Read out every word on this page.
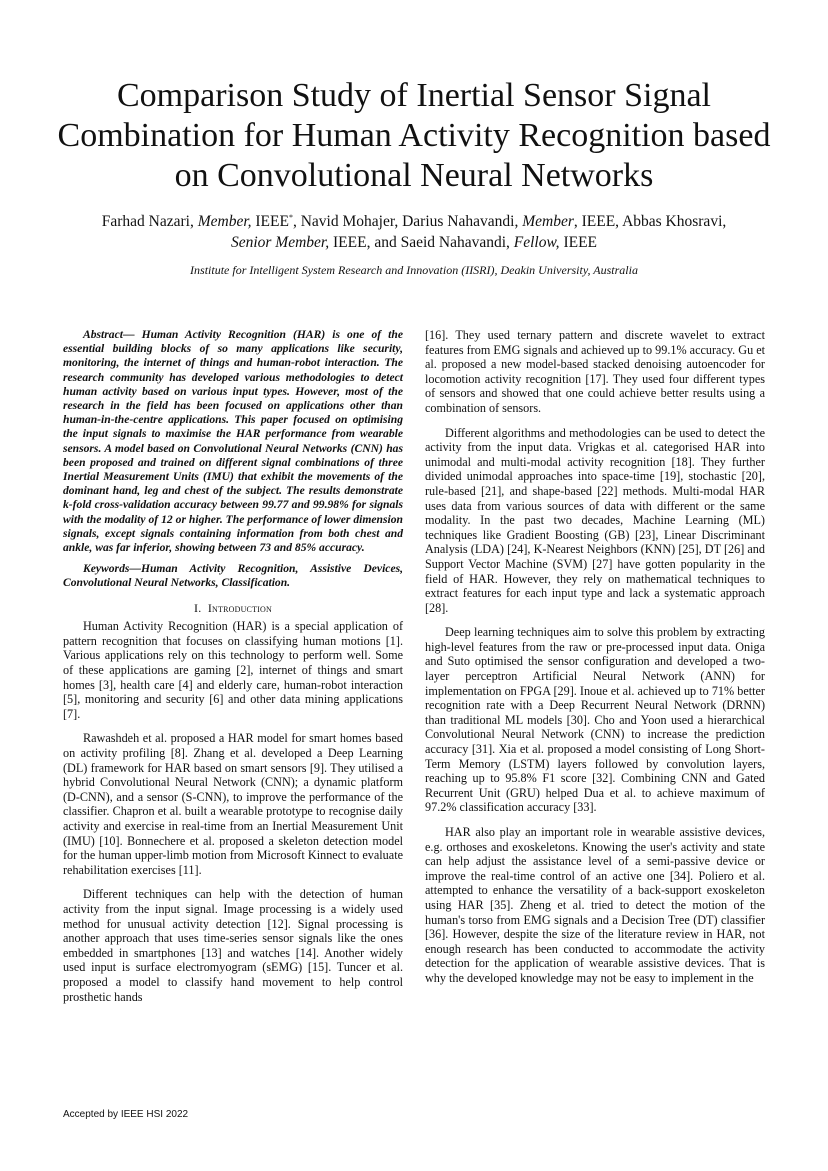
Comparison Study of Inertial Sensor Signal Combination for Human Activity Recognition based on Convolutional Neural Networks
Farhad Nazari, Member, IEEE*, Navid Mohajer, Darius Nahavandi, Member, IEEE, Abbas Khosravi,
Senior Member, IEEE, and Saeid Nahavandi, Fellow, IEEE
Institute for Intelligent System Research and Innovation (IISRI), Deakin University, Australia

Abstract— Human Activity Recognition (HAR) is one of the essential building blocks of so many applications like security, monitoring, the internet of things and human-robot interaction. The research community has developed various methodologies to detect human activity based on various input types. However, most of the research in the field has been focused on applications other than human-in-the-centre applications. This paper focused on optimising the input signals to maximise the HAR performance from wearable sensors. A model based on Convolutional Neural Networks (CNN) has been proposed and trained on different signal combinations of three Inertial Measurement Units (IMU) that exhibit the movements of the dominant hand, leg and chest of the subject. The results demonstrate k-fold cross-validation accuracy between 99.77 and 99.98% for signals with the modality of 12 or higher. The performance of lower dimension signals, except signals containing information from both chest and ankle, was far inferior, showing between 73 and 85% accuracy.

Keywords—Human Activity Recognition, Assistive Devices, Convolutional Neural Networks, Classification.

I. Introduction

Human Activity Recognition (HAR) is a special application of pattern recognition that focuses on classifying human motions [1]. Various applications rely on this technology to perform well. Some of these applications are gaming [2], internet of things and smart homes [3], health care [4] and elderly care, human-robot interaction [5], monitoring and security [6] and other data mining applications [7].

Rawashdeh et al. proposed a HAR model for smart homes based on activity profiling [8]. Zhang et al. developed a Deep Learning (DL) framework for HAR based on smart sensors [9]. They utilised a hybrid Convolutional Neural Network (CNN); a dynamic platform (D-CNN), and a sensor (S-CNN), to improve the performance of the classifier. Chapron et al. built a wearable prototype to recognise daily activity and exercise in real-time from an Inertial Measurement Unit (IMU) [10]. Bonnechere et al. proposed a skeleton detection model for the human upper-limb motion from Microsoft Kinnect to evaluate rehabilitation exercises [11].

Different techniques can help with the detection of human activity from the input signal. Image processing is a widely used method for unusual activity detection [12]. Signal processing is another approach that uses time-series sensor signals like the ones embedded in smartphones [13] and watches [14]. Another widely used input is surface electromyogram (sEMG) [15]. Tuncer et al. proposed a model to classify hand movement to help control prosthetic hands

[16]. They used ternary pattern and discrete wavelet to extract features from EMG signals and achieved up to 99.1% accuracy. Gu et al. proposed a new model-based stacked denoising autoencoder for locomotion activity recognition [17]. They used four different types of sensors and showed that one could achieve better results using a combination of sensors.

Different algorithms and methodologies can be used to detect the activity from the input data. Vrigkas et al. categorised HAR into unimodal and multi-modal activity recognition [18]. They further divided unimodal approaches into space-time [19], stochastic [20], rule-based [21], and shape-based [22] methods. Multi-modal HAR uses data from various sources of data with different or the same modality. In the past two decades, Machine Learning (ML) techniques like Gradient Boosting (GB) [23], Linear Discriminant Analysis (LDA) [24], K-Nearest Neighbors (KNN) [25], DT [26] and Support Vector Machine (SVM) [27] have gotten popularity in the field of HAR. However, they rely on mathematical techniques to extract features for each input type and lack a systematic approach [28].

Deep learning techniques aim to solve this problem by extracting high-level features from the raw or pre-processed input data. Oniga and Suto optimised the sensor configuration and developed a two-layer perceptron Artificial Neural Network (ANN) for implementation on FPGA [29]. Inoue et al. achieved up to 71% better recognition rate with a Deep Recurrent Neural Network (DRNN) than traditional ML models [30]. Cho and Yoon used a hierarchical Convolutional Neural Network (CNN) to increase the prediction accuracy [31]. Xia et al. proposed a model consisting of Long Short-Term Memory (LSTM) layers followed by convolution layers, reaching up to 95.8% F1 score [32]. Combining CNN and Gated Recurrent Unit (GRU) helped Dua et al. to achieve maximum of 97.2% classification accuracy [33].

HAR also play an important role in wearable assistive devices, e.g. orthoses and exoskeletons. Knowing the user's activity and state can help adjust the assistance level of a semi-passive device or improve the real-time control of an active one [34]. Poliero et al. attempted to enhance the versatility of a back-support exoskeleton using HAR [35]. Zheng et al. tried to detect the motion of the human's torso from EMG signals and a Decision Tree (DT) classifier [36]. However, despite the size of the literature review in HAR, not enough research has been conducted to accommodate the activity detection for the application of wearable assistive devices. That is why the developed knowledge may not be easy to implement in the

Accepted by IEEE HSI 2022
